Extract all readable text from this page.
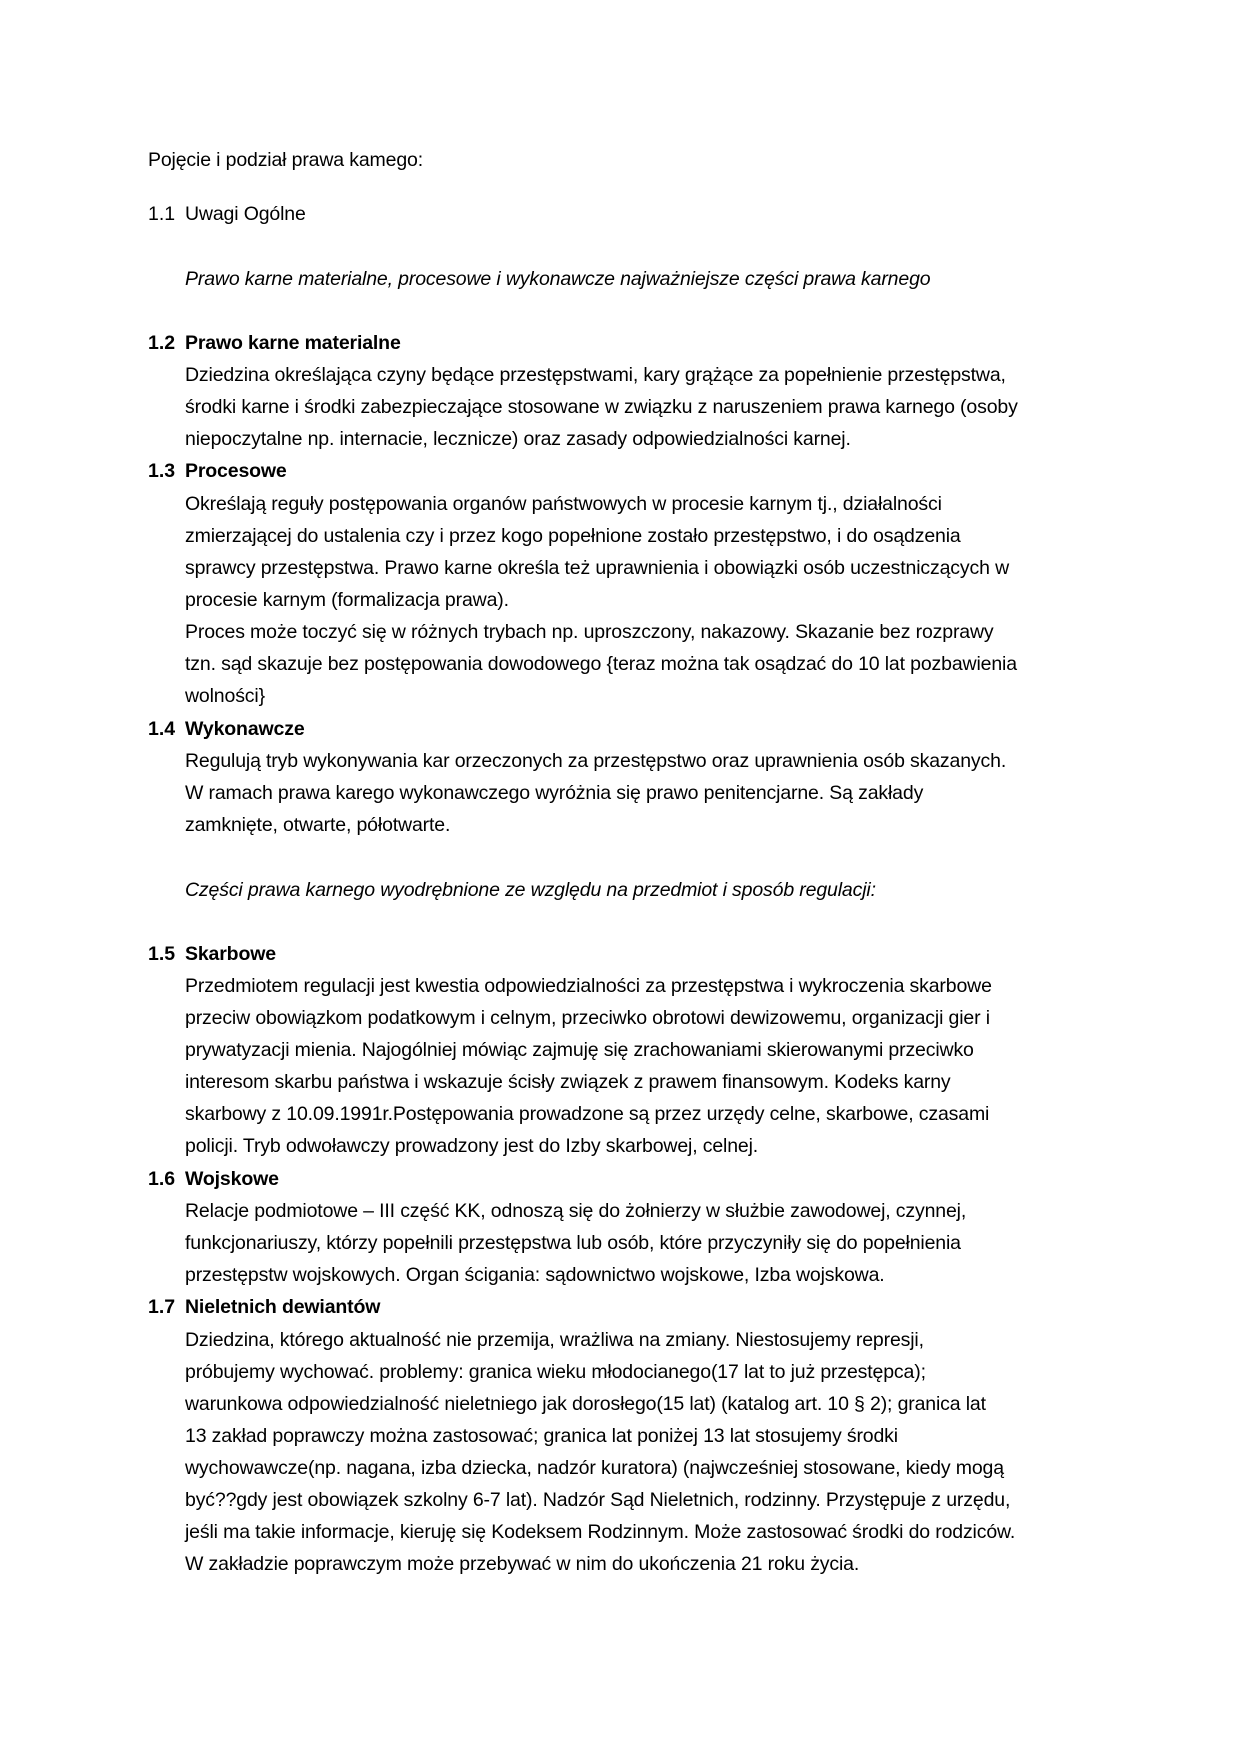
Pojęcie i podział prawa kamego:
1.1 Uwagi Ogólne
Prawo karne materialne, procesowe i wykonawcze najważniejsze części prawa karnego
1.2 Prawo karne materialne
Dziedzina określająca czyny będące przestępstwami, kary grążące za popełnienie przestępstwa,
środki karne i środki zabezpieczające stosowane w związku z naruszeniem prawa karnego (osoby
niepoczytalne np. internacie, lecznicze) oraz zasady odpowiedzialności karnej.
1.3 Procesowe
Określają reguły postępowania organów państwowych w procesie karnym tj., działalności
zmierzającej do ustalenia czy i przez kogo popełnione zostało przestępstwo, i do osądzenia
sprawcy przestępstwa. Prawo karne określa też uprawnienia i obowiązki osób uczestniczących w
procesie karnym (formalizacja prawa).
Proces może toczyć się w różnych trybach np. uproszczony, nakazowy. Skazanie bez rozprawy
tzn. sąd skazuje bez postępowania dowodowego {teraz można tak osądzać do 10 lat pozbawienia
wolności}
1.4 Wykonawcze
Regulują tryb wykonywania kar orzeczonych za przestępstwo oraz uprawnienia osób skazanych.
W ramach prawa karego wykonawczego wyróżnia się prawo penitencjarne. Są zakłady
zamknięte, otwarte, półotwarte.
Części prawa karnego wyodrębnione ze względu na przedmiot i sposób regulacji:
1.5 Skarbowe
Przedmiotem regulacji jest kwestia odpowiedzialności za przestępstwa i wykroczenia skarbowe
przeciw obowiązkom podatkowym i celnym, przeciwko obrotowi dewizowemu, organizacji gier i
prywatyzacji mienia. Najogólniej mówiąc zajmuję się zrachowaniami skierowanymi przeciwko
interesom skarbu państwa i wskazuje ścisły związek z prawem finansowym. Kodeks karny
skarbowy z 10.09.1991r.Postępowania prowadzone są przez urzędy celne, skarbowe, czasami
policji. Tryb odwoławczy prowadzony jest do Izby skarbowej, celnej.
1.6 Wojskowe
Relacje podmiotowe – III część KK, odnoszą się do żołnierzy w służbie zawodowej, czynnej,
funkcjonariuszy, którzy popełnili przestępstwa lub osób, które przyczyniły się do popełnienia
przestępstw wojskowych. Organ ścigania: sądownictwo wojskowe, Izba wojskowa.
1.7 Nieletnich dewiantów
Dziedzina, którego aktualność nie przemija, wrażliwa na zmiany. Niestosujemy represji,
próbujemy wychować. problemy: granica wieku młodocianego(17 lat to już przestępca);
warunkowa odpowiedzialność nieletniego jak dorosłego(15 lat) (katalog art. 10 § 2); granica lat
13 zakład poprawczy można zastosować; granica lat poniżej 13 lat stosujemy środki
wychowawcze(np. nagana, izba dziecka, nadzór kuratora) (najwcześniej stosowane, kiedy mogą
być??gdy jest obowiązek szkolny 6-7 lat). Nadzór Sąd Nieletnich, rodzinny. Przystępuje z urzędu,
jeśli ma takie informacje, kieruję się Kodeksem Rodzinnym. Może zastosować środki do rodziców.
W zakładzie poprawczym może przebywać w nim do ukończenia 21 roku życia.
